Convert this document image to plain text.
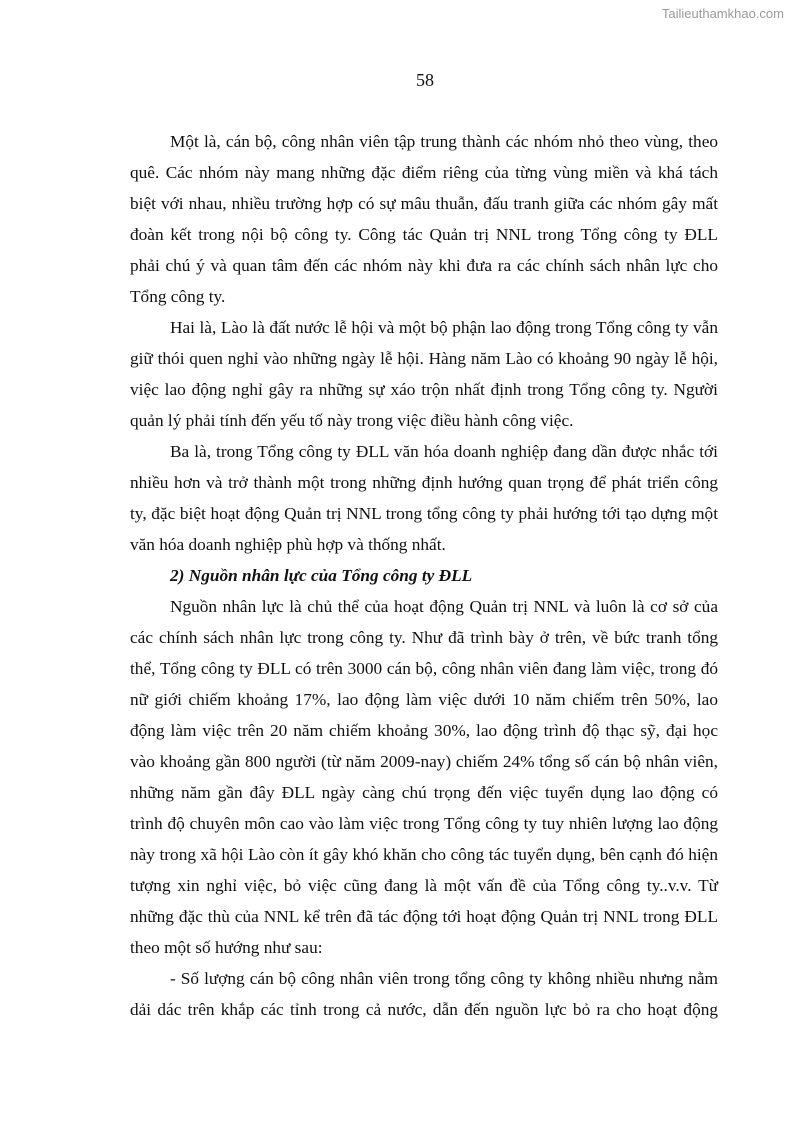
Tailieuthamkhao.com
58
Một là, cán bộ, công nhân viên tập trung thành các nhóm nhỏ theo vùng, theo
quê. Các nhóm này mang những đặc điểm riêng của từng vùng miền và khá tách
biệt với nhau, nhiều trường hợp có sự mâu thuẫn, đấu tranh giữa các nhóm gây mất
đoàn kết trong nội bộ công ty. Công tác Quản trị NNL trong Tổng công ty ĐLL
phải chú ý và quan tâm đến các nhóm này khi đưa ra các chính sách nhân lực cho
Tổng công ty.
Hai là, Lào là đất nước lễ hội và một bộ phận lao động trong Tổng công ty vẫn
giữ thói quen nghỉ vào những ngày lễ hội. Hàng năm Lào có khoảng 90 ngày lễ hội,
việc lao động nghỉ gây ra những sự xáo trộn nhất định trong Tổng công ty. Người
quản lý phải tính đến yếu tố này trong việc điều hành công việc.
Ba là, trong Tổng công ty ĐLL văn hóa doanh nghiệp đang dần được nhắc tới
nhiều hơn và trở thành một trong những định hướng quan trọng để phát triển công
ty, đặc biệt hoạt động Quản trị NNL trong tổng công ty phải hướng tới tạo dựng một
văn hóa doanh nghiệp phù hợp và thống nhất.
2) Nguồn nhân lực của Tổng công ty ĐLL
Nguồn nhân lực là chủ thể của hoạt động Quản trị NNL và luôn là cơ sở của
các chính sách nhân lực trong công ty. Như đã trình bày ở trên, về bức tranh tổng
thể, Tổng công ty ĐLL có trên 3000 cán bộ, công nhân viên đang làm việc, trong đó
nữ giới chiếm khoảng 17%, lao động làm việc dưới 10 năm chiếm trên 50%, lao
động làm việc trên 20 năm chiếm khoảng 30%, lao động trình độ thạc sỹ, đại học
vào khoảng gần 800 người (từ năm 2009-nay) chiếm 24% tổng số cán bộ nhân viên,
những năm gần đây ĐLL ngày càng chú trọng đến việc tuyển dụng lao động có
trình độ chuyên môn cao vào làm việc trong Tổng công ty tuy nhiên lượng lao động
này trong xã hội Lào còn ít gây khó khăn cho công tác tuyển dụng, bên cạnh đó hiện
tượng xin nghỉ việc, bỏ việc cũng đang là một vấn đề của Tổng công ty..v.v. Từ
những đặc thù của NNL kể trên đã tác động tới hoạt động Quản trị NNL trong ĐLL
theo một số hướng như sau:
- Số lượng cán bộ công nhân viên trong tổng công ty không nhiều nhưng nằm
dải dác trên khắp các tỉnh trong cả nước, dẫn đến nguồn lực bỏ ra cho hoạt động
